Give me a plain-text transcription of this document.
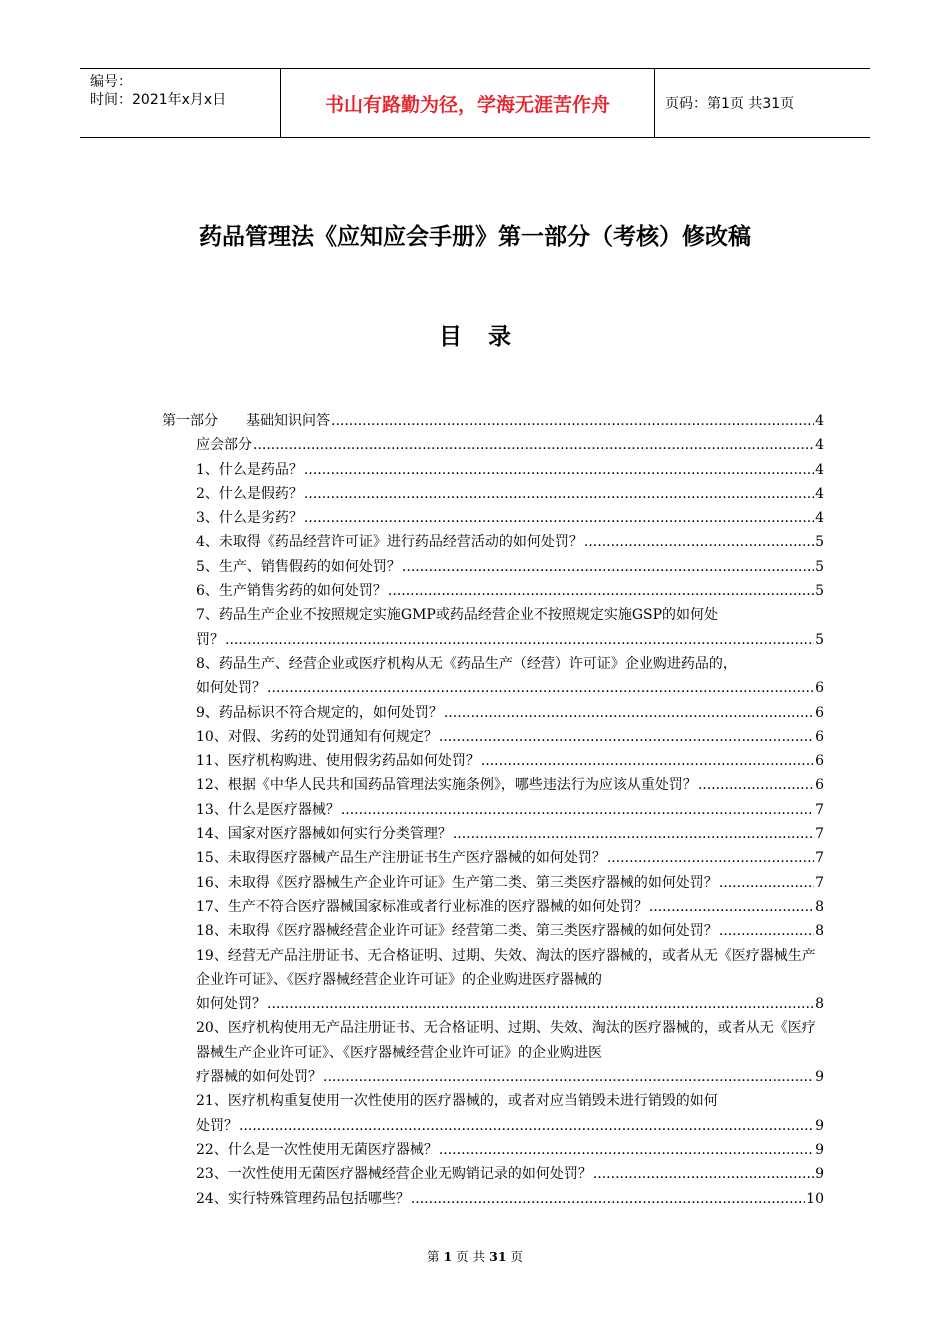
编号：
时间：2021年x月x日	书山有路勤为径，学海无涯苦作舟	页码：第1页 共31页
药品管理法《应知应会手册》第一部分（考核）修改稿
目录
第一部分　　基础知识问答 .....	4
应会部分 .....	4
1、什么是药品？ .....	4
2、什么是假药？ .....	4
3、什么是劣药？ .....	4
4、未取得《药品经营许可证》进行药品经营活动的如何处罚？ .....	5
5、生产、销售假药的如何处罚？ .....	5
6、生产销售劣药的如何处罚？ .....	5
7、药品生产企业不按照规定实施GMP或药品经营企业不按照规定实施GSP的如何处
罚？ .....	5
8、药品生产、经营企业或医疗机构从无《药品生产（经营）许可证》企业购进药品的，
如何处罚？ .....	6
9、药品标识不符合规定的，如何处罚？ .....	6
10、对假、劣药的处罚通知有何规定？ .....	6
11、医疗机构购进、使用假劣药品如何处罚？ .....	6
12、根据《中华人民共和国药品管理法实施条例》，哪些违法行为应该从重处罚？ .....	6
13、什么是医疗器械？ .....	7
14、国家对医疗器械如何实行分类管理？ .....	7
15、未取得医疗器械产品生产注册证书生产医疗器械的如何处罚？ .....	7
16、未取得《医疗器械生产企业许可证》生产第二类、第三类医疗器械的如何处罚？ .....	7
17、生产不符合医疗器械国家标准或者行业标准的医疗器械的如何处罚？ .....	8
18、未取得《医疗器械经营企业许可证》经营第二类、第三类医疗器械的如何处罚？ .....	8
19、经营无产品注册证书、无合格证明、过期、失效、淘汰的医疗器械的，或者从无《医疗器械生产企业许可证》、《医疗器械经营企业许可证》的企业购进医疗器械的
如何处罚？ .....	8
20、医疗机构使用无产品注册证书、无合格证明、过期、失效、淘汰的医疗器械的，或者从无《医疗器械生产企业许可证》、《医疗器械经营企业许可证》的企业购进医
疗器械的如何处罚？ .....	9
21、医疗机构重复使用一次性使用的医疗器械的，或者对应当销毁未进行销毁的如何
处罚？ .....	9
22、什么是一次性使用无菌医疗器械？ .....	9
23、一次性使用无菌医疗器械经营企业无购销记录的如何处罚？ .....	9
24、实行特殊管理药品包括哪些？ .....	10
第 1 页 共 31 页
